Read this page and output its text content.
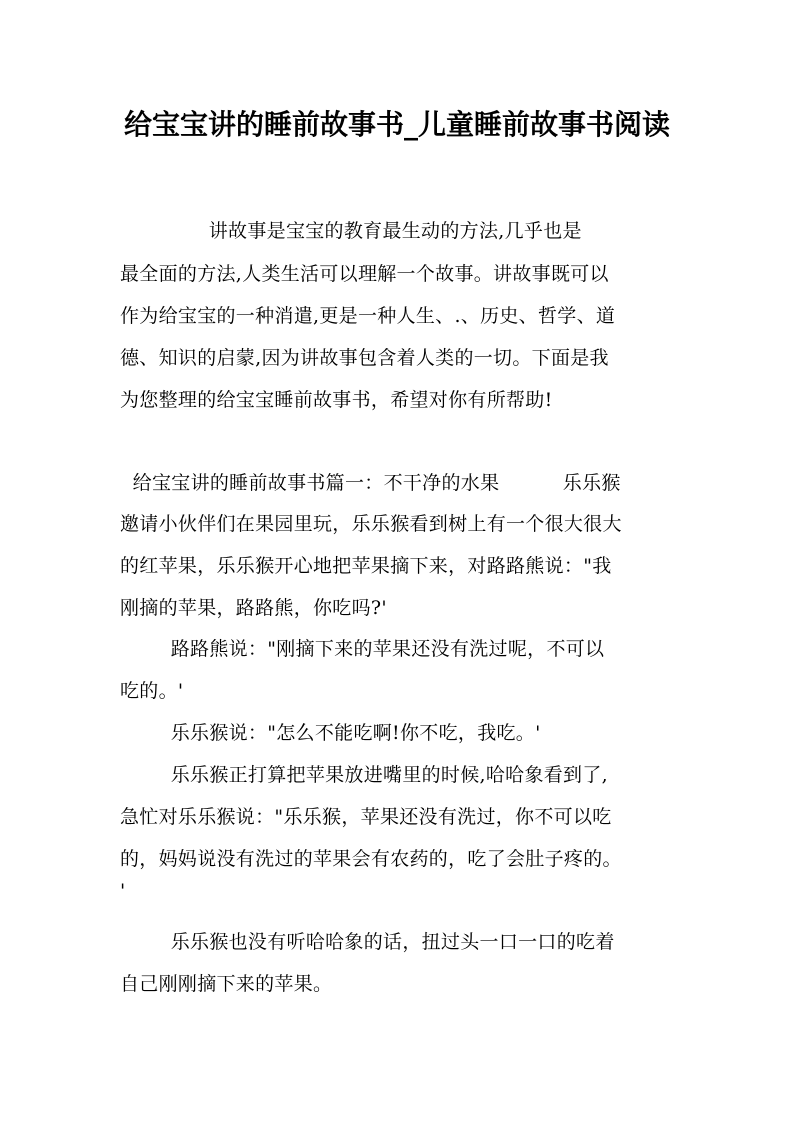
给宝宝讲的睡前故事书_儿童睡前故事书阅读
讲故事是宝宝的教育最生动的方法,几乎也是
最全面的方法,人类生活可以理解一个故事。讲故事既可以
作为给宝宝的一种消遣,更是一种人生、.、历史、哲学、道
德、知识的启蒙,因为讲故事包含着人类的一切。下面是我
为您整理的给宝宝睡前故事书，希望对你有所帮助!
给宝宝讲的睡前故事书篇一：不干净的水果          乐乐猴
邀请小伙伴们在果园里玩，乐乐猴看到树上有一个很大很大
的红苹果，乐乐猴开心地把苹果摘下来，对路路熊说："我
刚摘的苹果，路路熊，你吃吗?'
路路熊说："刚摘下来的苹果还没有洗过呢，不可以
吃的。'
乐乐猴说："怎么不能吃啊!你不吃，我吃。'
乐乐猴正打算把苹果放进嘴里的时候,哈哈象看到了,
急忙对乐乐猴说："乐乐猴，苹果还没有洗过，你不可以吃
的，妈妈说没有洗过的苹果会有农药的，吃了会肚子疼的。
'
乐乐猴也没有听哈哈象的话，扭过头一口一口的吃着
自己刚刚摘下来的苹果。
